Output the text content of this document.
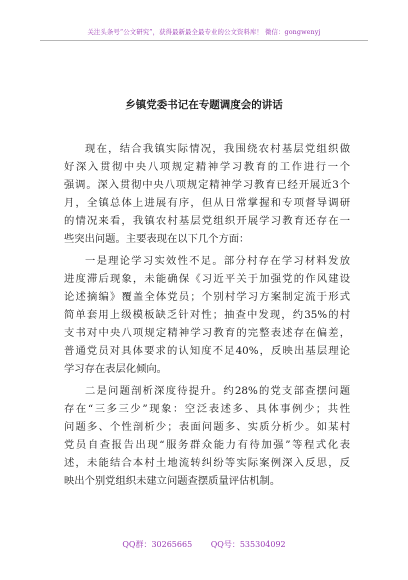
关注头条号“公文研究”，获得最新最全最专业的公文资料库！ 微信：gongwenyj
乡镇党委书记在专题调度会的讲话
现在，结合我镇实际情况，我围绕农村基层党组织做
好深入贯彻中央八项规定精神学习教育的工作进行一个
强调。深入贯彻中央八项规定精神学习教育已经开展近3个
月，全镇总体上进展有序，但从日常掌握和专项督导调研
的情况来看，我镇农村基层党组织开展学习教育还存在一
些突出问题。主要表现在以下几个方面：
一是理论学习实效性不足。部分村存在学习材料发放
进度滞后现象，未能确保《习近平关于加强党的作风建设
论述摘编》覆盖全体党员；个别村学习方案制定流于形式
简单套用上级模板缺乏针对性；抽查中发现，约35%的村
支书对中央八项规定精神学习教育的完整表述存在偏差，
普通党员对具体要求的认知度不足40%，反映出基层理论
学习存在表层化倾向。
二是问题剖析深度待提升。约28%的党支部查摆问题
存在“三多三少”现象：空泛表述多、具体事例少；共性
问题多、个性剖析少；表面问题多、实质分析少。如某村
党员自查报告出现“服务群众能力有待加强”等程式化表
述，未能结合本村土地流转纠纷等实际案例深入反思，反
映出个别党组织未建立问题查摆质量评估机制。
QQ群：30265665 QQ号：535304092
